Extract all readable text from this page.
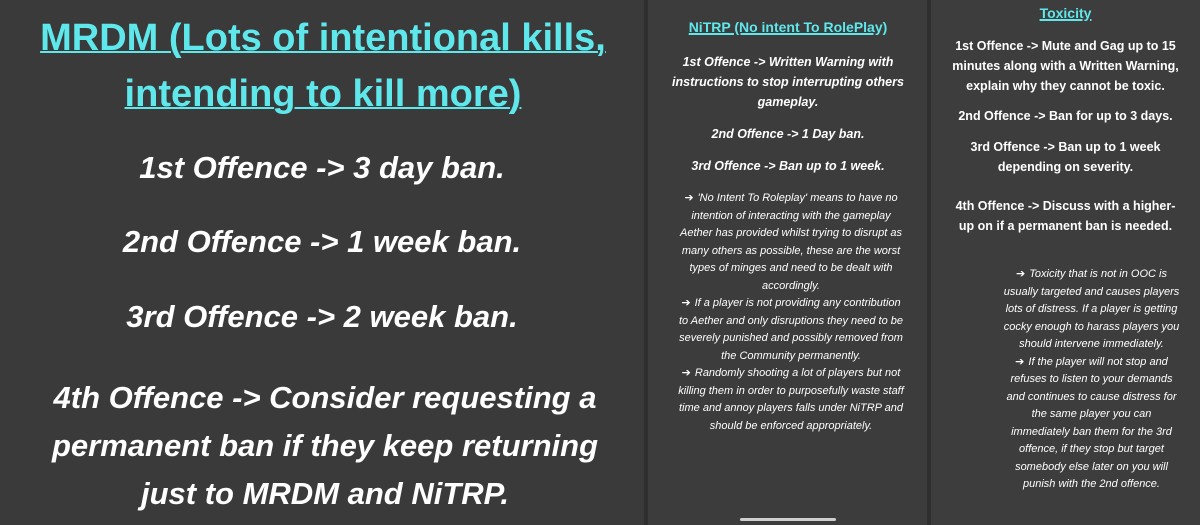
MRDM (Lots of intentional kills, intending to kill more)
1st Offence -> 3 day ban.
2nd Offence -> 1 week ban.
3rd Offence -> 2 week ban.
4th Offence -> Consider requesting a permanent ban if they keep returning just to MRDM and NiTRP.
NiTRP (No intent To RolePlay)
1st Offence -> Written Warning with instructions to stop interrupting others gameplay.
2nd Offence -> 1 Day ban.
3rd Offence -> Ban up to 1 week.
➔ 'No Intent To Roleplay' means to have no intention of interacting with the gameplay Aether has provided whilst trying to disrupt as many others as possible, these are the worst types of minges and need to be dealt with accordingly.
➔ If a player is not providing any contribution to Aether and only disruptions they need to be severely punished and possibly removed from the Community permanently.
➔ Randomly shooting a lot of players but not killing them in order to purposefully waste staff time and annoy players falls under NiTRP and should be enforced appropriately.
Toxicity
1st Offence -> Mute and Gag up to 15 minutes along with a Written Warning, explain why they cannot be toxic.
2nd Offence -> Ban for up to 3 days.
3rd Offence -> Ban up to 1 week depending on severity.
4th Offence -> Discuss with a higher-up on if a permanent ban is needed.
➔ Toxicity that is not in OOC is usually targeted and causes players lots of distress. If a player is getting cocky enough to harass players you should intervene immediately.
➔ If the player will not stop and refuses to listen to your demands and continues to cause distress for the same player you can immediately ban them for the 3rd offence, if they stop but target somebody else later on you will punish with the 2nd offence.
